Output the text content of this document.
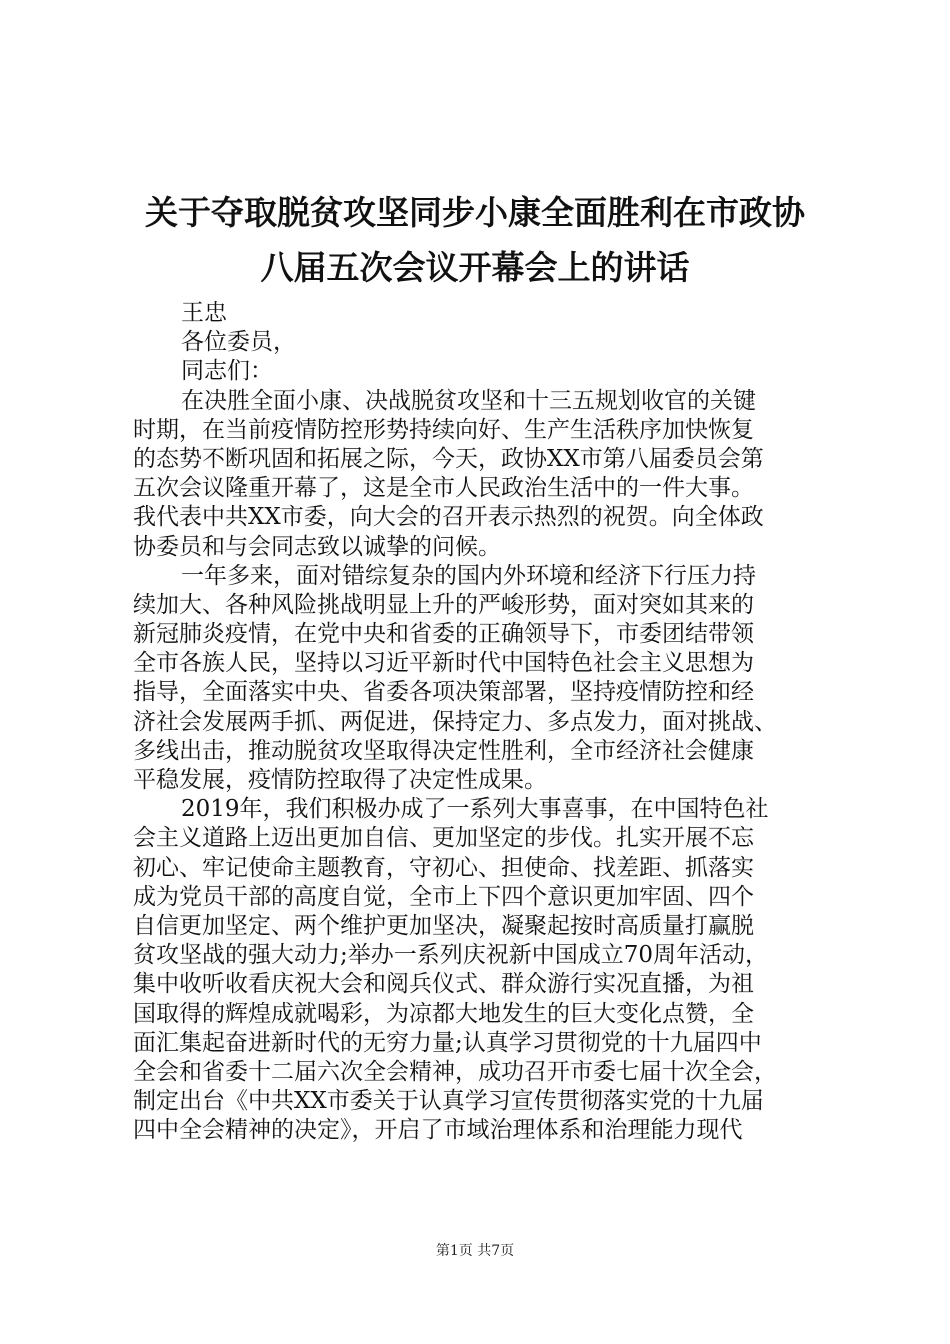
关于夺取脱贫攻坚同步小康全面胜利在市政协
八届五次会议开幕会上的讲话

王忠

各位委员，

同志们：

在决胜全面小康、决战脱贫攻坚和十三五规划收官的关键

时期，在当前疫情防控形势持续向好、生产生活秩序加快恢复

的态势不断巩固和拓展之际，今天，政协XX市第八届委员会第

五次会议隆重开幕了，这是全市人民政治生活中的一件大事。

我代表中共XX市委，向大会的召开表示热烈的祝贺。向全体政

协委员和与会同志致以诚挚的问候。

一年多来，面对错综复杂的国内外环境和经济下行压力持

续加大、各种风险挑战明显上升的严峻形势，面对突如其来的

新冠肺炎疫情，在党中央和省委的正确领导下，市委团结带领

全市各族人民，坚持以习近平新时代中国特色社会主义思想为

指导，全面落实中央、省委各项决策部署，坚持疫情防控和经

济社会发展两手抓、两促进，保持定力、多点发力，面对挑战、

多线出击，推动脱贫攻坚取得决定性胜利，全市经济社会健康

平稳发展，疫情防控取得了决定性成果。

2019年，我们积极办成了一系列大事喜事，在中国特色社

会主义道路上迈出更加自信、更加坚定的步伐。扎实开展不忘

初心、牢记使命主题教育，守初心、担使命、找差距、抓落实

成为党员干部的高度自觉，全市上下四个意识更加牢固、四个

自信更加坚定、两个维护更加坚决，凝聚起按时高质量打赢脱

贫攻坚战的强大动力;举办一系列庆祝新中国成立70周年活动，

集中收听收看庆祝大会和阅兵仪式、群众游行实况直播，为祖

国取得的辉煌成就喝彩，为凉都大地发生的巨大变化点赞，全

面汇集起奋进新时代的无穷力量;认真学习贯彻党的十九届四中

全会和省委十二届六次全会精神，成功召开市委七届十次全会，

制定出台《中共XX市委关于认真学习宣传贯彻落实党的十九届

四中全会精神的决定》，开启了市域治理体系和治理能力现代

第1页 共7页
